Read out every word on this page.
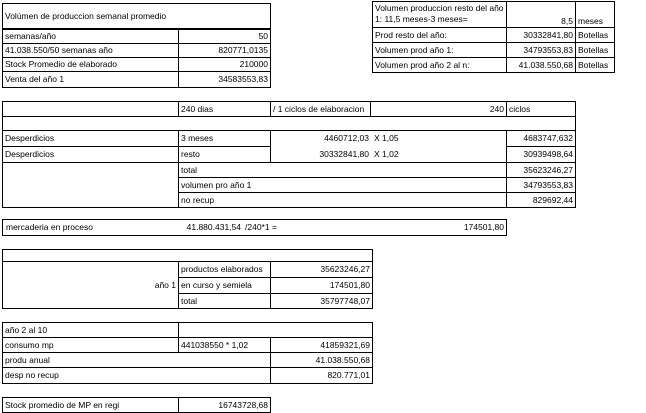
Volúmen de produccion semanal promedio
semanas/año	50
41.038.550/50 semanas año	820771,0135
Stock Promedio de elaborado	210000
Venta del año 1	34583553,83
Volumen produccion resto del año 1: 11,5 meses-3 meses=	8,5 meses
Prod resto del año:	30332841,80 Botellas
Volumen prod año 1:	34793553,83 Botellas
Volumen prod año 2 al n:	41.038.550,68 Botellas
240 dias	/ 1 ciclos de elaboracion	240 ciclos
Desperdicios	3 meses	4460712,03 X 1,05	4683747,632
Desperdicios	resto	30332841,80 X 1,02	30939498,64
total	35623246,27
volumen pro año 1	34793553,83
no recup	829692,44
mercaderia en proceso	41.880.431,54 /240*1 =	174501,80
año 1
productos elaborados	35623246,27
en curso y semiela	174501,80
total	35797748,07
año 2 al 10
consumo mp	441038550 * 1,02	41859321,69
produ anual	41.038.550,68
desp no recup	820.771,01
Stock promedio de MP en regi	16743728,68
